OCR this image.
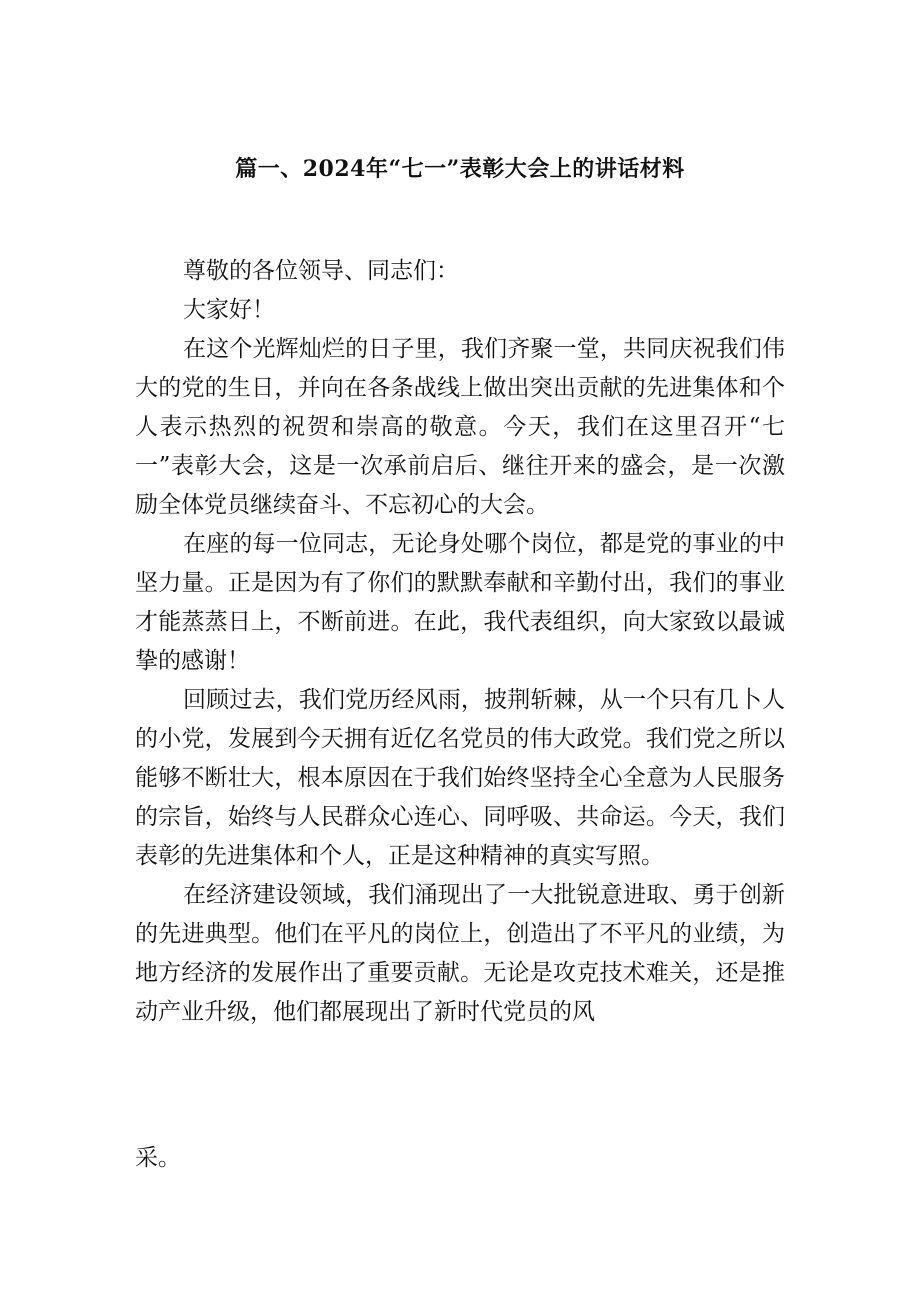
篇一、2024年“七一”表彰大会上的讲话材料

尊敬的各位领导、同志们：

大家好！

在这个光辉灿烂的日子里，我们齐聚一堂，共同庆祝我们伟大的党的生日，并向在各条战线上做出突出贡献的先进集体和个人表示热烈的祝贺和崇高的敬意。今天，我们在这里召开“七一”表彰大会，这是一次承前启后、继往开来的盛会，是一次激励全体党员继续奋斗、不忘初心的大会。

在座的每一位同志，无论身处哪个岗位，都是党的事业的中坚力量。正是因为有了你们的默默奉献和辛勤付出，我们的事业才能蒸蒸日上，不断前进。在此，我代表组织，向大家致以最诚挚的感谢！

回顾过去，我们党历经风雨，披荆斩棘，从一个只有几卜人的小党，发展到今天拥有近亿名党员的伟大政党。我们党之所以能够不断壮大，根本原因在于我们始终坚持全心全意为人民服务的宗旨，始终与人民群众心连心、同呼吸、共命运。今天，我们表彰的先进集体和个人，正是这种精神的真实写照。

在经济建设领域，我们涌现出了一大批锐意进取、勇于创新的先进典型。他们在平凡的岗位上，创造出了不平凡的业绩，为地方经济的发展作出了重要贡献。无论是攻克技术难关，还是推动产业升级，他们都展现出了新时代党员的风

采。
